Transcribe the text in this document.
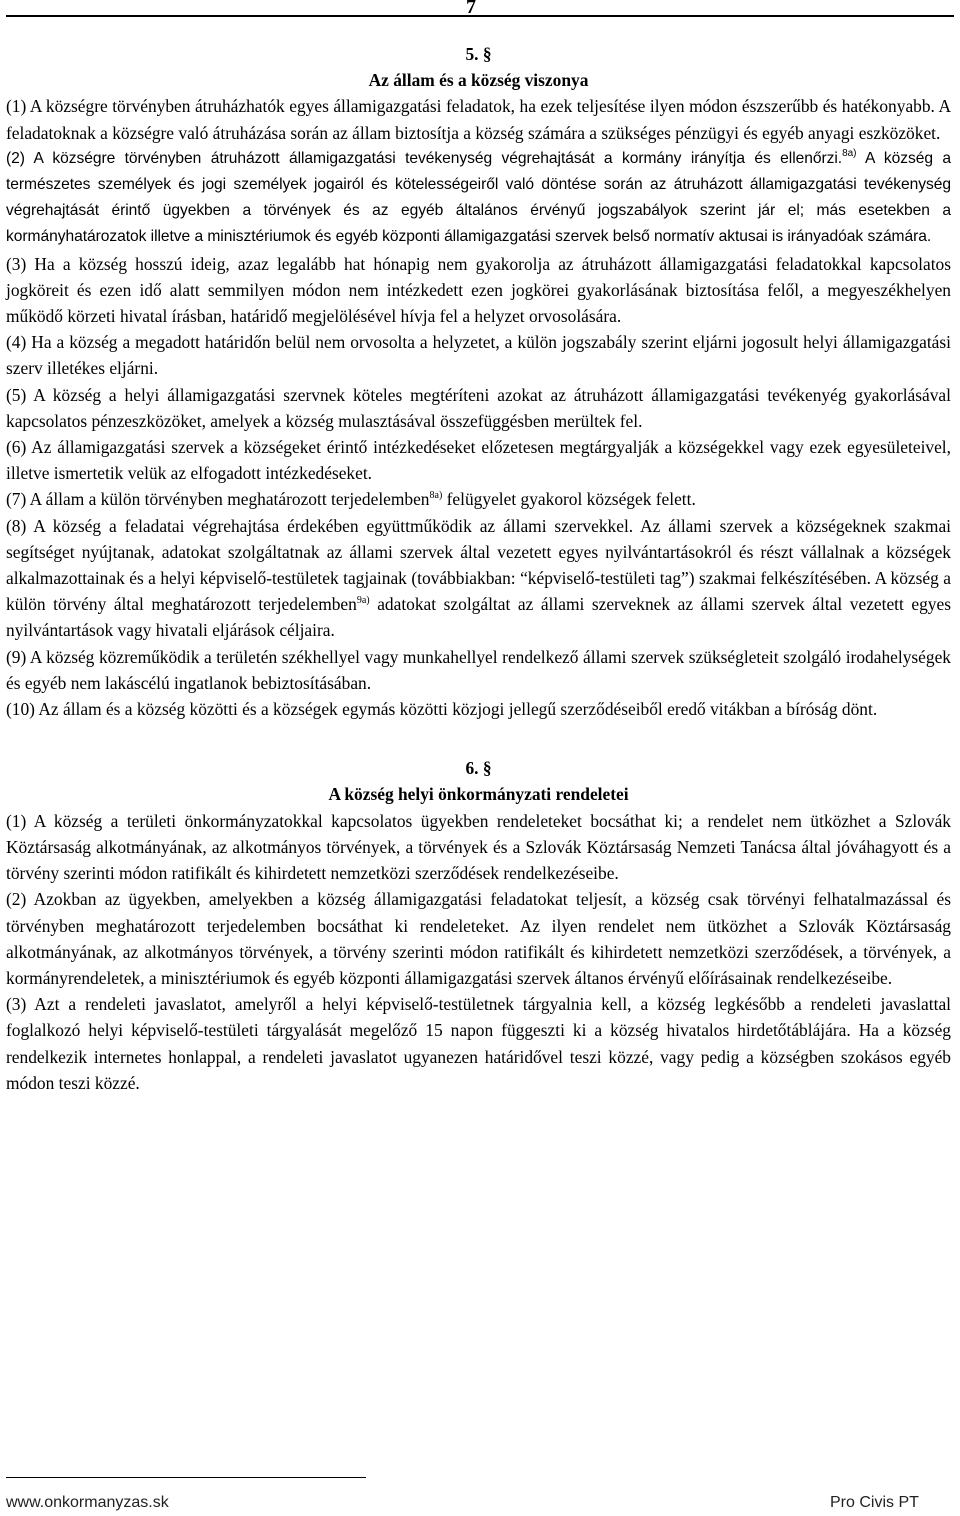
7

5. §

Az állam és a község viszonya

(1) A községre törvényben átruházhatók egyes államigazgatási feladatok, ha ezek teljesítése ilyen módon észszerűbb és hatékonyabb. A feladatoknak a községre való átruházása során az állam biztosítja a község számára a szükséges pénzügyi és egyéb anyagi eszközöket.

(2) A községre törvényben átruházott államigazgatási tevékenység végrehajtását a kormány irányítja és ellenőrzi.$^{8a)}$ A község a természetes személyek és jogi személyek jogairól és kötelességeiről való döntése során az átruházott államigazgatási tevékenység végrehajtását érintő ügyekben a törvények és az egyéb általános érvényű jogszabályok szerint jár el; más esetekben a kormányhatározatok illetve a minisztériumok és egyéb központi államigazgatási szervek belső normatív aktusai is irányadóak számára.

(3) Ha a község hosszú ideig, azaz legalább hat hónapig nem gyakorolja az átruházott államigazgatási feladatokkal kapcsolatos jogköreit és ezen idő alatt semmilyen módon nem intézkedett ezen jogkörei gyakorlásának biztosítása felől, a megyeszékhelyen működő körzeti hivatal írásban, határidő megjelölésével hívja fel a helyzet orvosolására.

(4) Ha a község a megadott határidőn belül nem orvosolta a helyzetet, a külön jogszabály szerint eljárni jogosult helyi államigazgatási szerv illetékes eljárni.

(5) A község a helyi államigazgatási szervnek köteles megtéríteni azokat az átruházott államigazgatási tevékenyég gyakorlásával kapcsolatos pénzeszközöket, amelyek a község mulasztásával összefüggésben merültek fel.

(6) Az államigazgatási szervek a községeket érintő intézkedéseket előzetesen megtárgyalják a községekkel vagy ezek egyesületeivel, illetve ismertetik velük az elfogadott intézkedéseket.

(7) A állam a külön törvényben meghatározott terjedelemben$^{8a)}$ felügyelet gyakorol községek felett.

(8) A község a feladatai végrehajtása érdekében együttműködik az állami szervekkel. Az állami szervek a községeknek szakmai segítséget nyújtanak, adatokat szolgáltatnak az állami szervek által vezetett egyes nyilvántartásokról és részt vállalnak a községek alkalmazottainak és a helyi képviselő-testületek tagjainak (továbbiakban: “képviselő-testületi tag”) szakmai felkészítésében. A község a külön törvény által meghatározott terjedelemben$^{9a)}$ adatokat szolgáltat az állami szerveknek az állami szervek által vezetett egyes nyilvántartások vagy hivatali eljárások céljaira.

(9) A község közreműködik a területén székhellyel vagy munkahellyel rendelkező állami szervek szükségleteit szolgáló irodahelységek és egyéb nem lakáscélú ingatlanok bebiztosításában.

(10) Az állam és a község közötti és a községek egymás közötti közjogi jellegű szerződéseiből eredő vitákban a bíróság dönt.

6. §

A község helyi önkormányzati rendeletei

(1) A község a területi önkormányzatokkal kapcsolatos ügyekben rendeleteket bocsáthat ki; a rendelet nem ütközhet a Szlovák Köztársaság alkotmányának, az alkotmányos törvények, a törvények és a Szlovák Köztársaság Nemzeti Tanácsa által jóváhagyott és a törvény szerinti módon ratifikált és kihirdetett nemzetközi szerződések rendelkezéseibe.

(2) Azokban az ügyekben, amelyekben a község államigazgatási feladatokat teljesít, a község csak törvényi felhatalmazással és törvényben meghatározott terjedelemben bocsáthat ki rendeleteket. Az ilyen rendelet nem ütközhet a Szlovák Köztársaság alkotmányának, az alkotmányos törvények, a törvény szerinti módon ratifikált és kihirdetett nemzetközi szerződések, a törvények, a kormányrendeletek, a minisztériumok és egyéb központi államigazgatási szervek áltanos érvényű előírásainak rendelkezéseibe.

(3) Azt a rendeleti javaslatot, amelyről a helyi képviselő-testületnek tárgyalnia kell, a község legkésőbb a rendeleti javaslattal foglalkozó helyi képviselő-testületi tárgyalását megelőző 15 napon függeszti ki a község hivatalos hirdetőtáblájára. Ha a község rendelkezik internetes honlappal, a rendeleti javaslatot ugyanezen határidővel teszi közzé, vagy pedig a községben szokásos egyéb módon teszi közzé.

www.onkormanyzas.sk	Pro Civis PT
